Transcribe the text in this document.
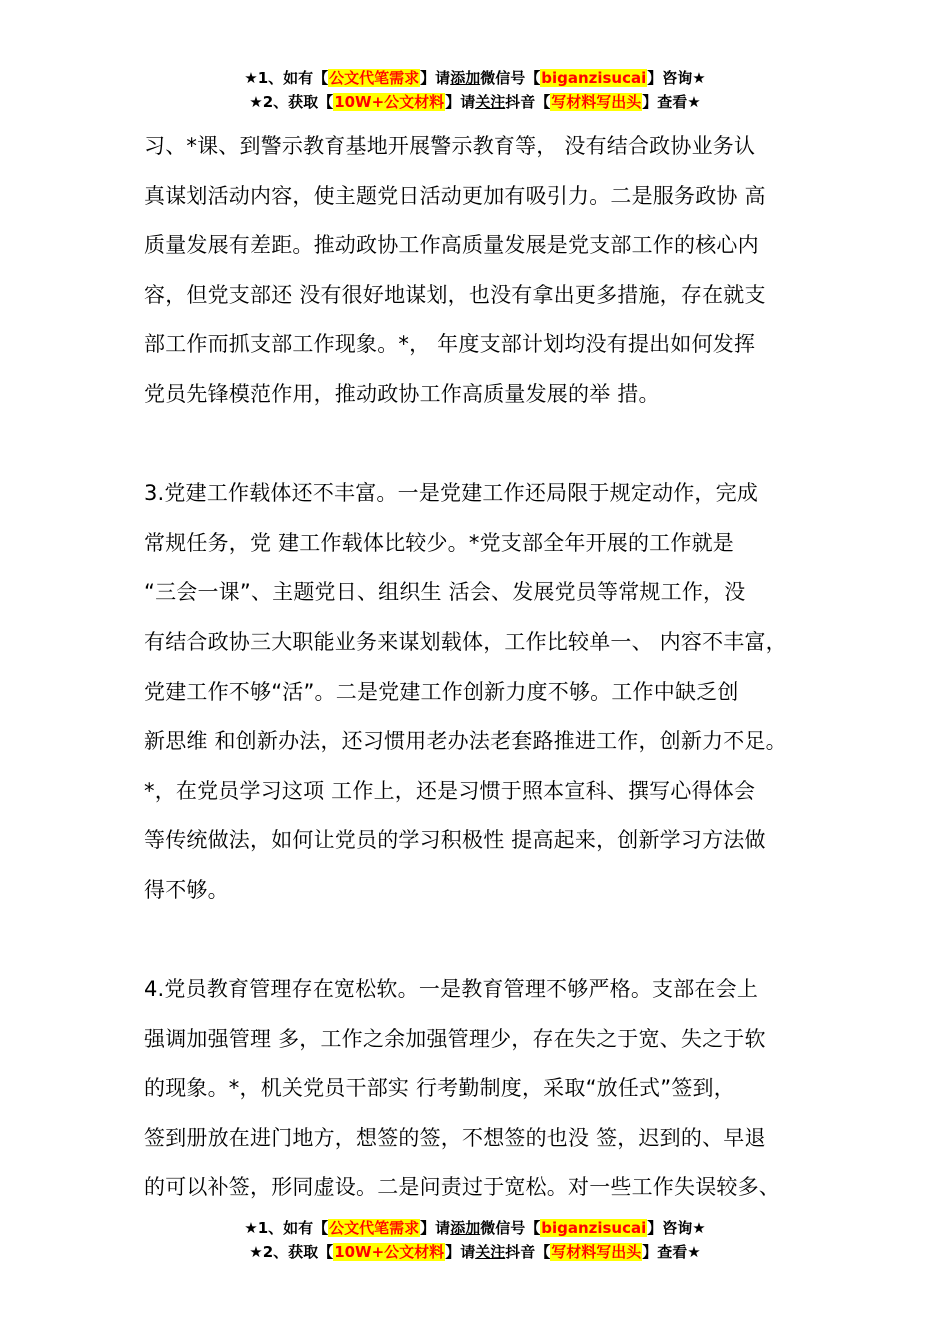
★1、如有【公文代笔需求】请添加微信号【biganzisucai】咨询★
★2、获取【10W+公文材料】请关注抖音【写材料写出头】查看★
习、*课、到警示教育基地开展警示教育等， 没有结合政协业务认
真谋划活动内容，使主题党日活动更加有吸引力。二是服务政协 高
质量发展有差距。推动政协工作高质量发展是党支部工作的核心内
容，但党支部还 没有很好地谋划，也没有拿出更多措施，存在就支
部工作而抓支部工作现象。*， 年度支部计划均没有提出如何发挥
党员先锋模范作用，推动政协工作高质量发展的举 措。
3.党建工作载体还不丰富。一是党建工作还局限于规定动作，完成
常规任务，党 建工作载体比较少。*党支部全年开展的工作就是
“三会一课”、主题党日、组织生 活会、发展党员等常规工作，没
有结合政协三大职能业务来谋划载体，工作比较单一、 内容不丰富，
党建工作不够“活”。二是党建工作创新力度不够。工作中缺乏创
新思维 和创新办法，还习惯用老办法老套路推进工作，创新力不足。
*，在党员学习这项 工作上，还是习惯于照本宣科、撰写心得体会
等传统做法，如何让党员的学习积极性 提高起来，创新学习方法做
得不够。
4.党员教育管理存在宽松软。一是教育管理不够严格。支部在会上
强调加强管理 多，工作之余加强管理少，存在失之于宽、失之于软
的现象。*，机关党员干部实 行考勤制度，采取“放任式”签到，
签到册放在进门地方，想签的签，不想签的也没 签，迟到的、早退
的可以补签，形同虚设。二是问责过于宽松。对一些工作失误较多、
★1、如有【公文代笔需求】请添加微信号【biganzisucai】咨询★
★2、获取【10W+公文材料】请关注抖音【写材料写出头】查看★
